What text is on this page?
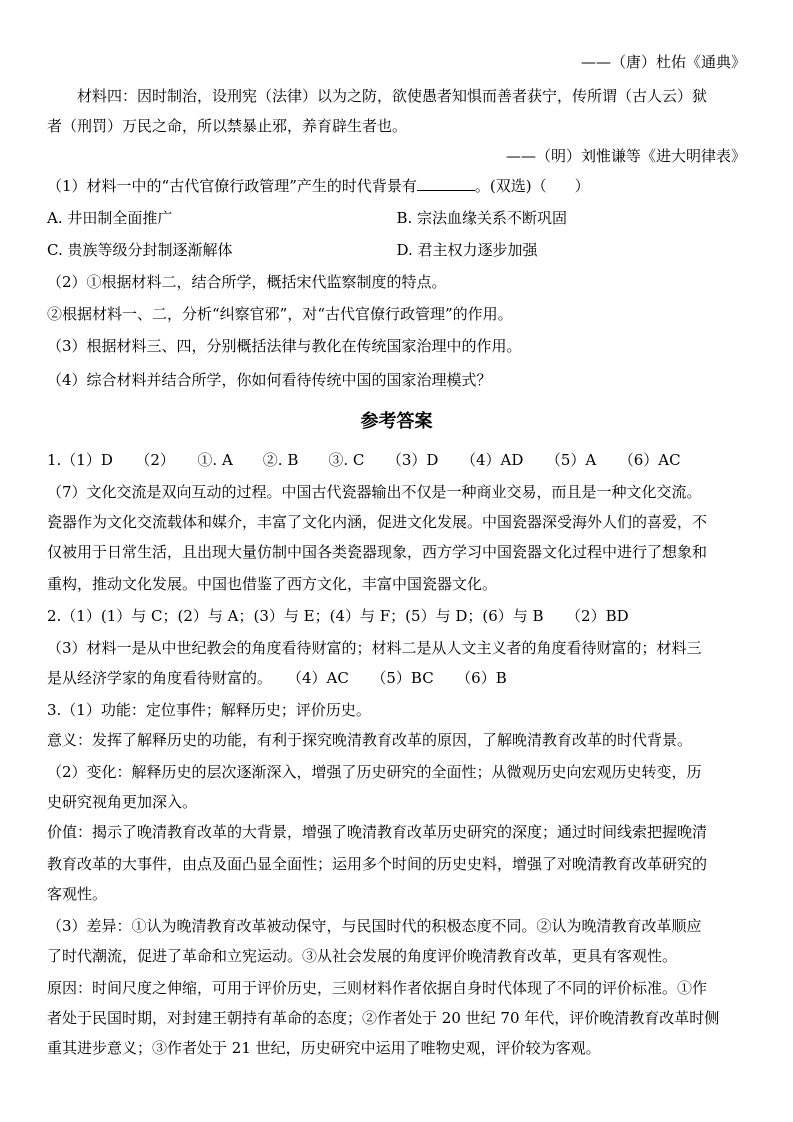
——（唐）杜佑《通典》
　　材料四：因时制治，设刑宪（法律）以为之防，欲使愚者知惧而善者获宁，传所谓（古人云）狱
者（刑罚）万民之命，所以禁暴止邪，养育辟生者也。
——（明）刘惟谦等《进大明律表》
（1）材料一中的“古代官僚行政管理”产生的时代背景有	。(双选)（ ）
A. 井田制全面推广	B. 宗法血缘关系不断巩固
C. 贵族等级分封制逐渐解体	D. 君主权力逐步加强
（2）①根据材料二，结合所学，概括宋代监察制度的特点。
②根据材料一、二，分析“纠察官邪”，对“古代官僚行政管理”的作用。
（3）根据材料三、四，分别概括法律与教化在传统国家治理中的作用。
（4）综合材料并结合所学，你如何看待传统中国的国家治理模式？
参考答案
1.（1）D　　（2）　　①. A　　②. B　　③. C　　（3）D　　（4）AD　　（5）A　　（6）AC
（7）文化交流是双向互动的过程。中国古代瓷器输出不仅是一种商业交易，而且是一种文化交流。
瓷器作为文化交流载体和媒介，丰富了文化内涵，促进文化发展。中国瓷器深受海外人们的喜爱，不
仅被用于日常生活，且出现大量仿制中国各类瓷器现象，西方学习中国瓷器文化过程中进行了想象和
重构，推动文化发展。中国也借鉴了西方文化，丰富中国瓷器文化。
2.（1）(1）与 C；(2）与 A；(3）与 E；(4）与 F；(5）与 D；(6）与 B　　（2）BD
（3）材料一是从中世纪教会的角度看待财富的；材料二是从人文主义者的角度看待财富的；材料三
是从经济学家的角度看待财富的。　　（4）AC　　（5）BC　　（6）B
3.（1）功能：定位事件；解释历史；评价历史。
意义：发挥了解释历史的功能，有利于探究晚清教育改革的原因，了解晚清教育改革的时代背景。
（2）变化：解释历史的层次逐渐深入，增强了历史研究的全面性；从微观历史向宏观历史转变，历
史研究视角更加深入。
价值：揭示了晚清教育改革的大背景，增强了晚清教育改革历史研究的深度；通过时间线索把握晚清
教育改革的大事件，由点及面凸显全面性；运用多个时间的历史史料，增强了对晚清教育改革研究的
客观性。
（3）差异：①认为晚清教育改革被动保守，与民国时代的积极态度不同。②认为晚清教育改革顺应
了时代潮流，促进了革命和立宪运动。③从社会发展的角度评价晚清教育改革，更具有客观性。
原因：时间尺度之伸缩，可用于评价历史，三则材料作者依据自身时代体现了不同的评价标准。①作
者处于民国时期，对封建王朝持有革命的态度；②作者处于 20 世纪 70 年代，评价晚清教育改革时侧
重其进步意义；③作者处于 21 世纪，历史研究中运用了唯物史观，评价较为客观。
